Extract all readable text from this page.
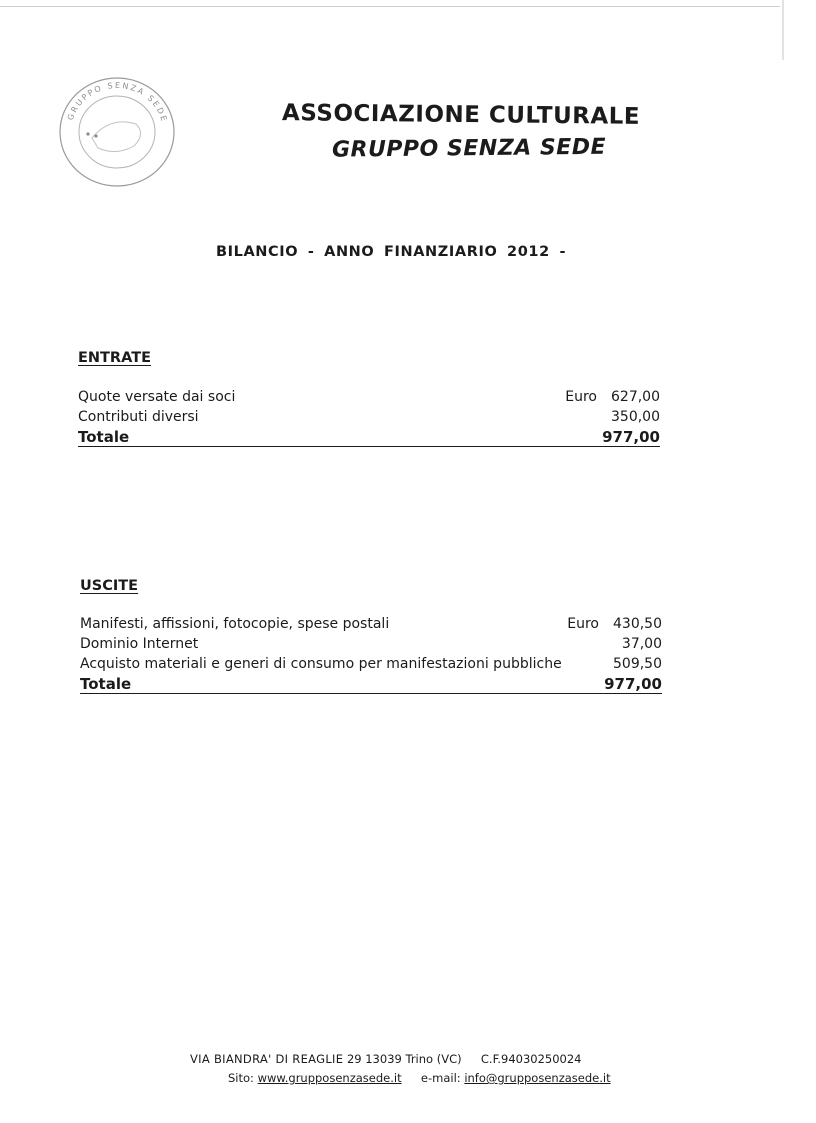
GRUPPO SENZA SEDE	ASSOCIAZIONE CULTURALE
GRUPPO SENZA SEDE
BILANCIO - ANNO FINANZIARIO 2012 -
ENTRATE
Quote versate dai soci	Euro 627,00
Contributi diversi	350,00
Totale	977,00
USCITE
Manifesti, affissioni, fotocopie, spese postali	Euro 430,50
Dominio Internet	37,00
Acquisto materiali e generi di consumo per manifestazioni pubbliche	509,50
Totale	977,00
VIA BIANDRA' DI REAGLIE 29 13039 Trino (VC) C.F.94030250024
Sito: www.grupposenzasede.it e-mail: info@grupposenzasede.it
